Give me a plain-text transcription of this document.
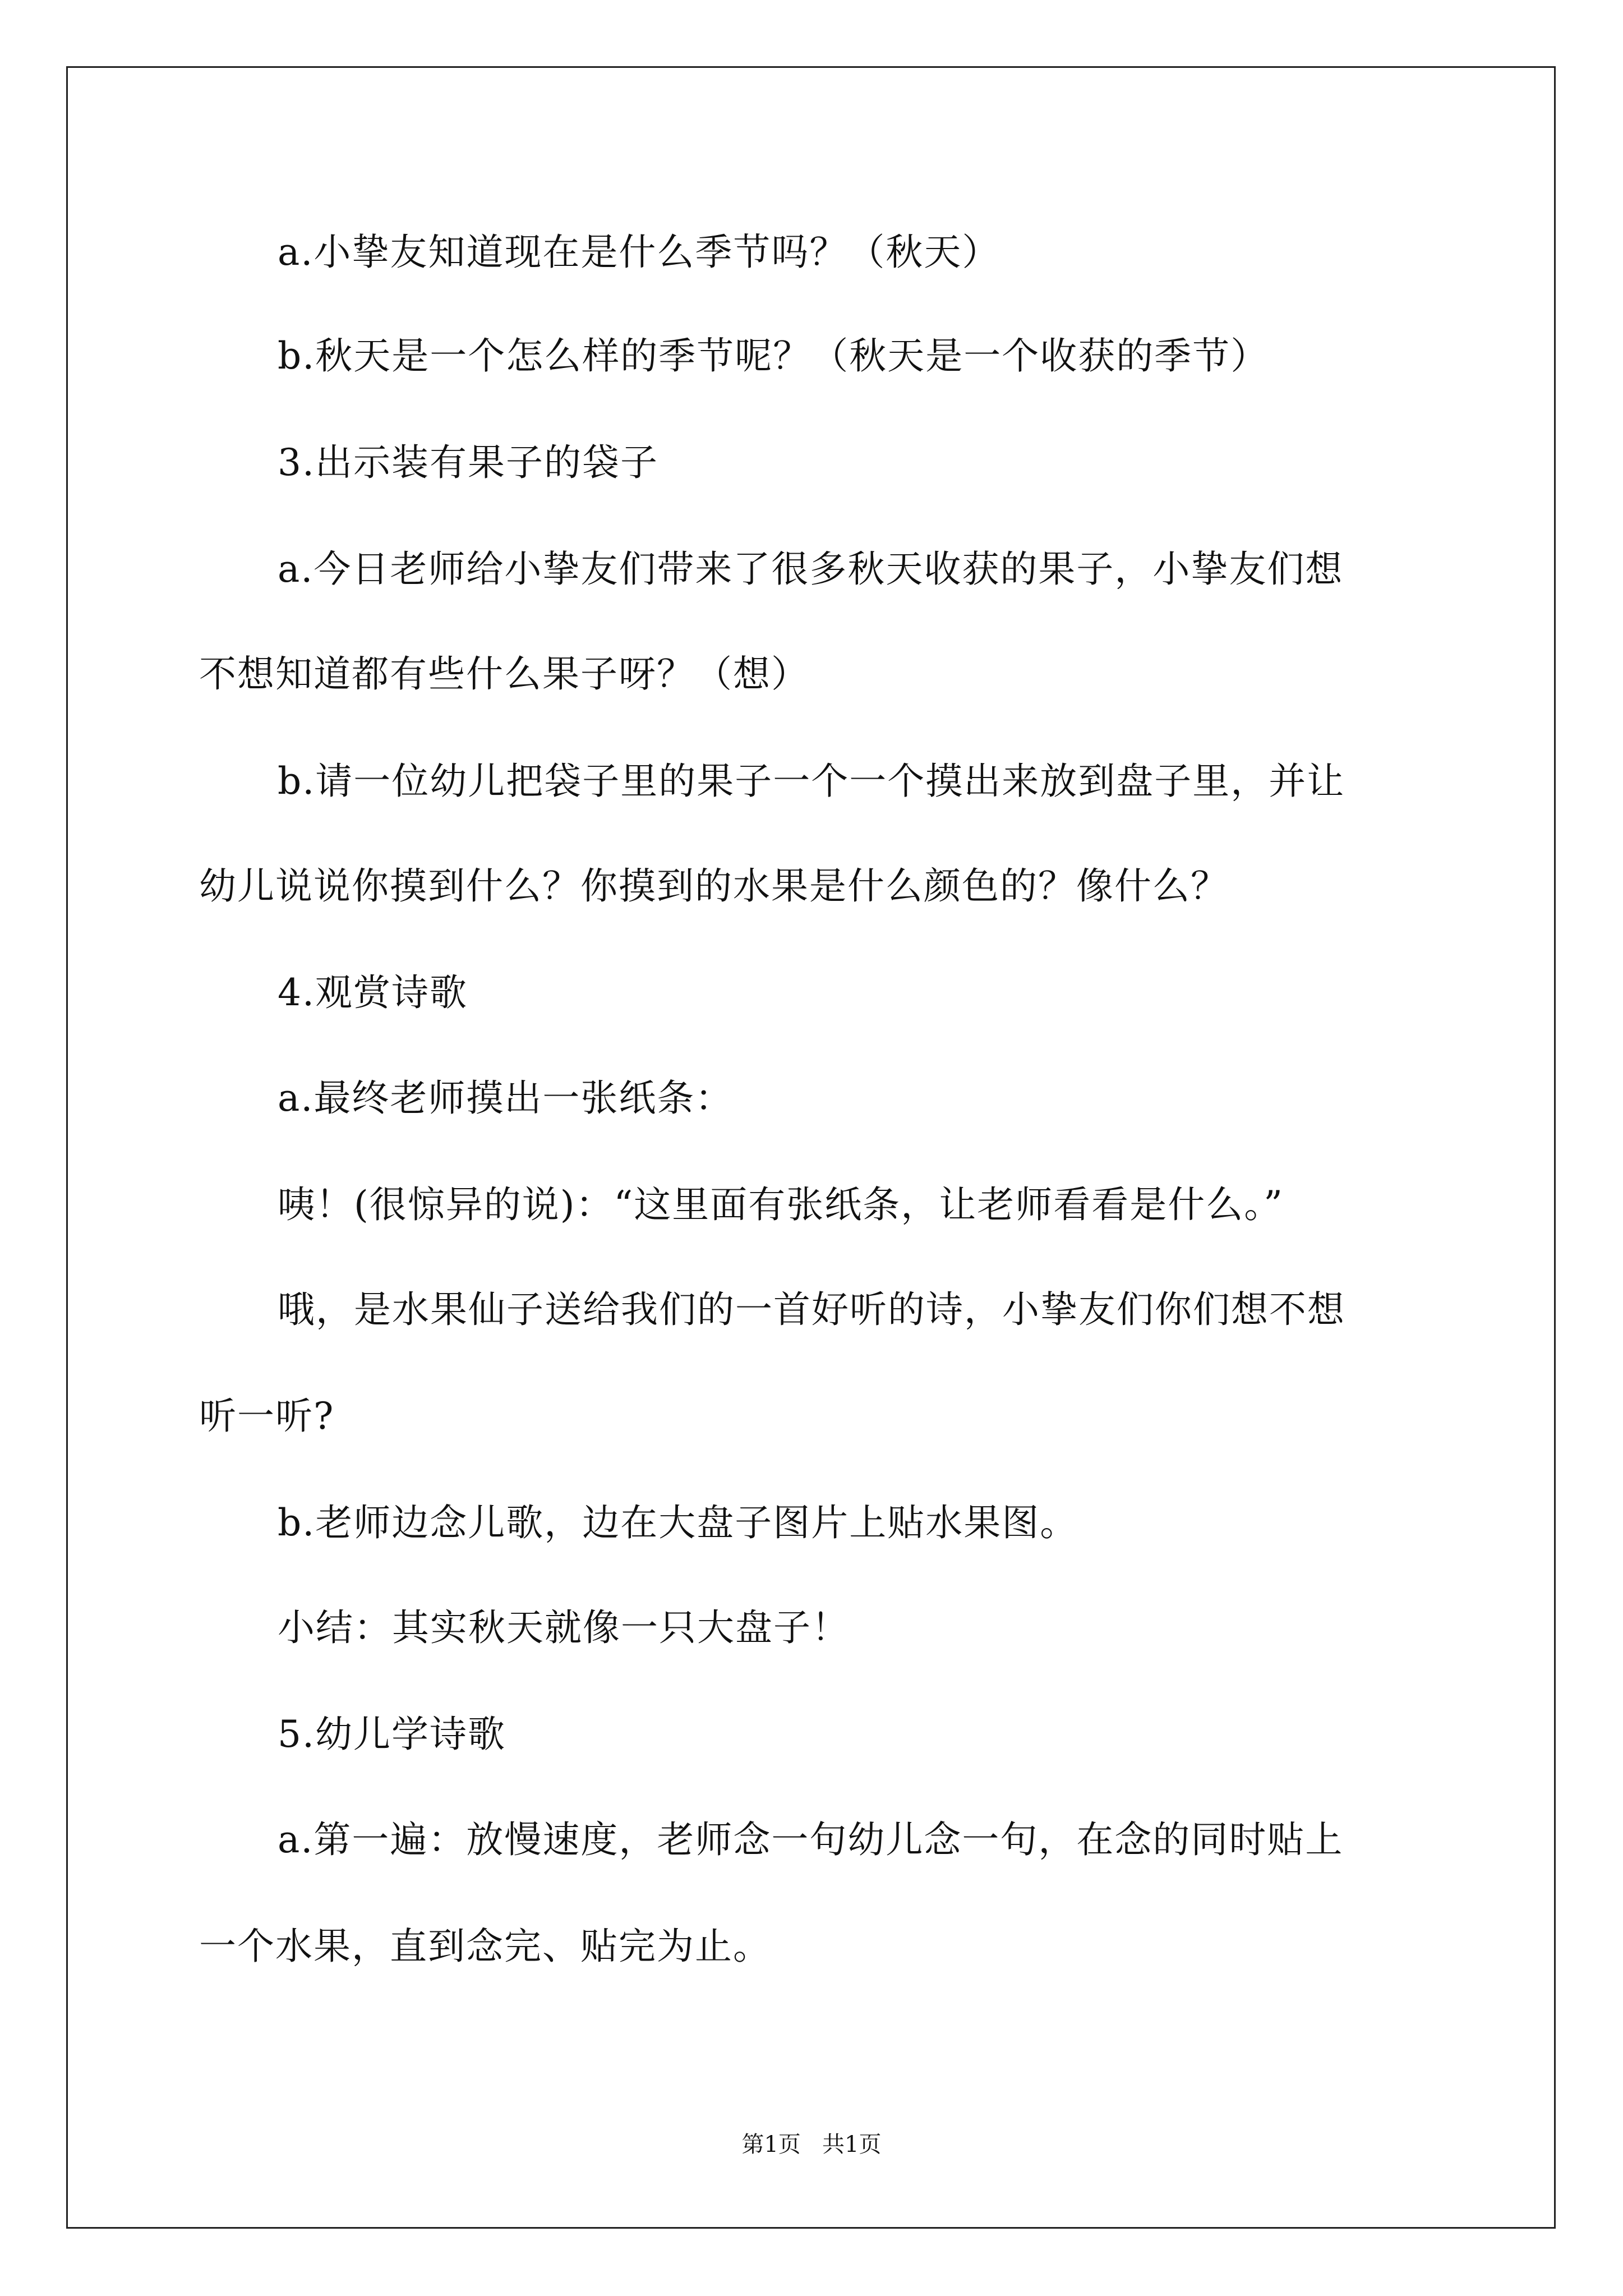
a.小挚友知道现在是什么季节吗？（秋天）
b.秋天是一个怎么样的季节呢？（秋天是一个收获的季节）
3.出示装有果子的袋子
a.今日老师给小挚友们带来了很多秋天收获的果子，小挚友们想
不想知道都有些什么果子呀？（想）
b.请一位幼儿把袋子里的果子一个一个摸出来放到盘子里，并让
幼儿说说你摸到什么？你摸到的水果是什么颜色的？像什么？
4.观赏诗歌
a.最终老师摸出一张纸条：
咦！(很惊异的说)：“这里面有张纸条，让老师看看是什么。”
哦，是水果仙子送给我们的一首好听的诗，小挚友们你们想不想
听一听?
b.老师边念儿歌，边在大盘子图片上贴水果图。
小结：其实秋天就像一只大盘子！
5.幼儿学诗歌
a.第一遍：放慢速度，老师念一句幼儿念一句，在念的同时贴上
一个水果，直到念完、贴完为止。
第1页   共1页
